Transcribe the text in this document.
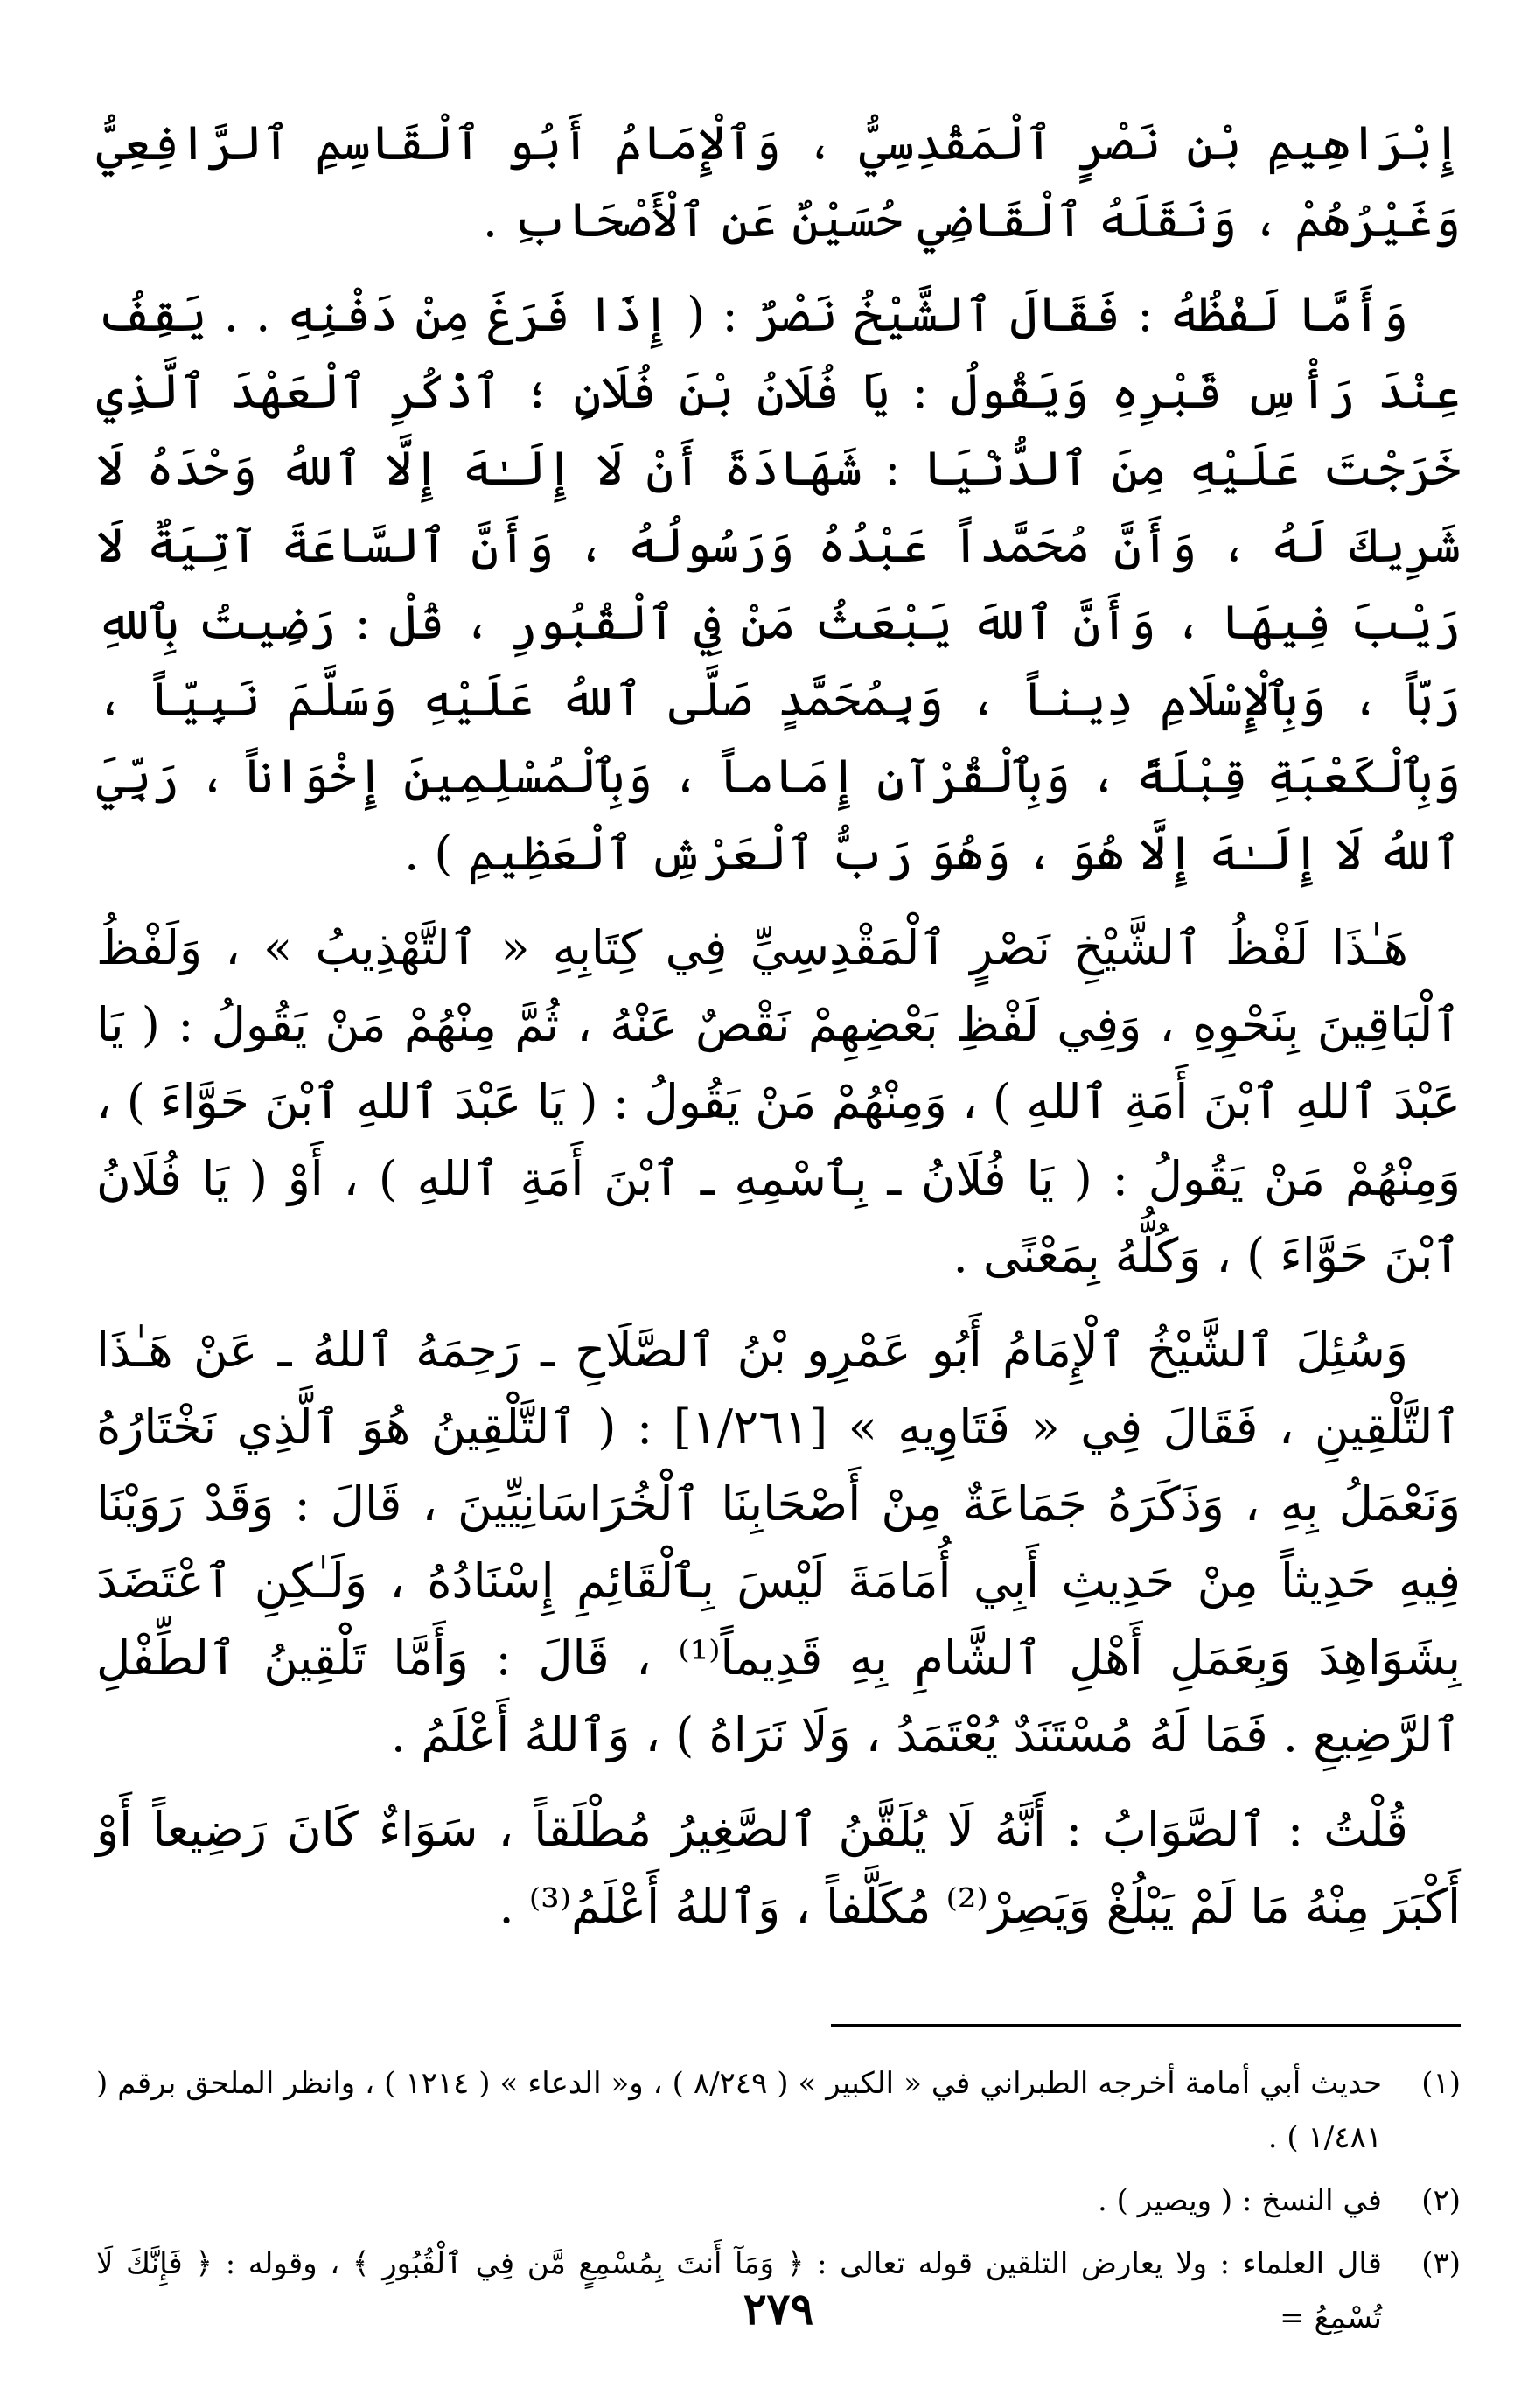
إِبْرَاهِيمِ بْنِ نَصْرٍ ٱلْمَقْدِسِيُّ ، وَٱلْإِمَامُ أَبُو ٱلْقَاسِمِ ٱلرَّافِعِيُّ وَغَيْرُهُمْ ، وَنَقَلَهُ ٱلْقَاضِي حُسَيْنٌ عَنِ ٱلْأَصْحَابِ .

وَأَمَّا لَفْظُهُ : فَقَالَ ٱلشَّيْخُ نَصْرٌ : ( إِذَا فَرَغَ مِنْ دَفْنِهِ . . يَقِفُ عِنْدَ رَأْسِ قَبْرِهِ وَيَقُولُ : يَا فُلَانُ بْنَ فُلَانٍ ؛ ٱذْكُرِ ٱلْعَهْدَ ٱلَّذِي خَرَجْتَ عَلَيْهِ مِنَ ٱلدُّنْيَا : شَهَادَةَ أَنْ لَا إِلَـٰهَ إِلَّا ٱللهُ وَحْدَهُ لَا شَرِيكَ لَهُ ، وَأَنَّ مُحَمَّداً عَبْدُهُ وَرَسُولُهُ ، وَأَنَّ ٱلسَّاعَةَ آتِيَةٌ لَا رَيْبَ فِيهَا ، وَأَنَّ ٱللهَ يَبْعَثُ مَنْ فِي ٱلْقُبُورِ ، قُلْ : رَضِيتُ بِٱللهِ رَبّاً ، وَبِٱلْإِسْلَامِ دِيناً ، وَبِمُحَمَّدٍ صَلَّى ٱللهُ عَلَيْهِ وَسَلَّمَ نَبِيّاً ، وَبِٱلْكَعْبَةِ قِبْلَةً ، وَبِٱلْقُرْآنِ إِمَاماً ، وَبِٱلْمُسْلِمِينَ إِخْوَاناً ، رَبِّيَ ٱللهُ لَا إِلَـٰهَ إِلَّا هُوَ ، وَهُوَ رَبُّ ٱلْعَرْشِ ٱلْعَظِيمِ ) .

هَـٰذَا لَفْظُ ٱلشَّيْخِ نَصْرٍ ٱلْمَقْدِسِيِّ فِي كِتَابِهِ « ٱلتَّهْذِيبُ » ، وَلَفْظُ ٱلْبَاقِينَ بِنَحْوِهِ ، وَفِي لَفْظِ بَعْضِهِمْ نَقْصٌ عَنْهُ ، ثُمَّ مِنْهُمْ مَنْ يَقُولُ : ( يَا عَبْدَ ٱللهِ ٱبْنَ أَمَةِ ٱللهِ ) ، وَمِنْهُمْ مَنْ يَقُولُ : ( يَا عَبْدَ ٱللهِ ٱبْنَ حَوَّاءَ ) ، وَمِنْهُمْ مَنْ يَقُولُ : ( يَا فُلَانُ ـ بِٱسْمِهِ ـ ٱبْنَ أَمَةِ ٱللهِ ) ، أَوْ ( يَا فُلَانُ ٱبْنَ حَوَّاءَ ) ، وَكُلُّهُ بِمَعْنًى .

وَسُئِلَ ٱلشَّيْخُ ٱلْإِمَامُ أَبُو عَمْرِو بْنُ ٱلصَّلَاحِ ـ رَحِمَهُ ٱللهُ ـ عَنْ هَـٰذَا ٱلتَّلْقِينِ ، فَقَالَ فِي « فَتَاوِيهِ » [١/٢٦١] : ( ٱلتَّلْقِينُ هُوَ ٱلَّذِي نَخْتَارُهُ وَنَعْمَلُ بِهِ ، وَذَكَرَهُ جَمَاعَةٌ مِنْ أَصْحَابِنَا ٱلْخُرَاسَانِيِّينَ ، قَالَ : وَقَدْ رَوَيْنَا فِيهِ حَدِيثاً مِنْ حَدِيثِ أَبِي أُمَامَةَ لَيْسَ بِٱلْقَائِمِ إِسْنَادُهُ ، وَلَـٰكِنِ ٱعْتَضَدَ بِشَوَاهِدَ وَبِعَمَلِ أَهْلِ ٱلشَّامِ بِهِ قَدِيماً⁽¹⁾ ، قَالَ : وَأَمَّا تَلْقِينُ ٱلطِّفْلِ ٱلرَّضِيعِ . فَمَا لَهُ مُسْتَنَدٌ يُعْتَمَدُ ، وَلَا نَرَاهُ ) ، وَٱللهُ أَعْلَمُ .

قُلْتُ : ٱلصَّوَابُ : أَنَّهُ لَا يُلَقَّنُ ٱلصَّغِيرُ مُطْلَقاً ، سَوَاءٌ كَانَ رَضِيعاً أَوْ أَكْبَرَ مِنْهُ مَا لَمْ يَبْلُغْ وَيَصِرْ⁽²⁾ مُكَلَّفاً ، وَٱللهُ أَعْلَمُ⁽³⁾ .

(١)
حديث أبي أمامة أخرجه الطبراني في « الكبير » ( ٨/٢٤٩ ) ، و« الدعاء » ( ١٢١٤ ) ، وانظر الملحق برقم ( ١/٤٨١ ) .
(٢)
في النسخ : ( ويصير ) .
(٣)
قال العلماء : ولا يعارض التلقين قوله تعالى : ﴿ وَمَآ أَنتَ بِمُسْمِعٍ مَّن فِي ٱلْقُبُورِ ﴾ ، وقوله : ﴿ فَإِنَّكَ لَا تُسْمِعُ =
٢٧٩
